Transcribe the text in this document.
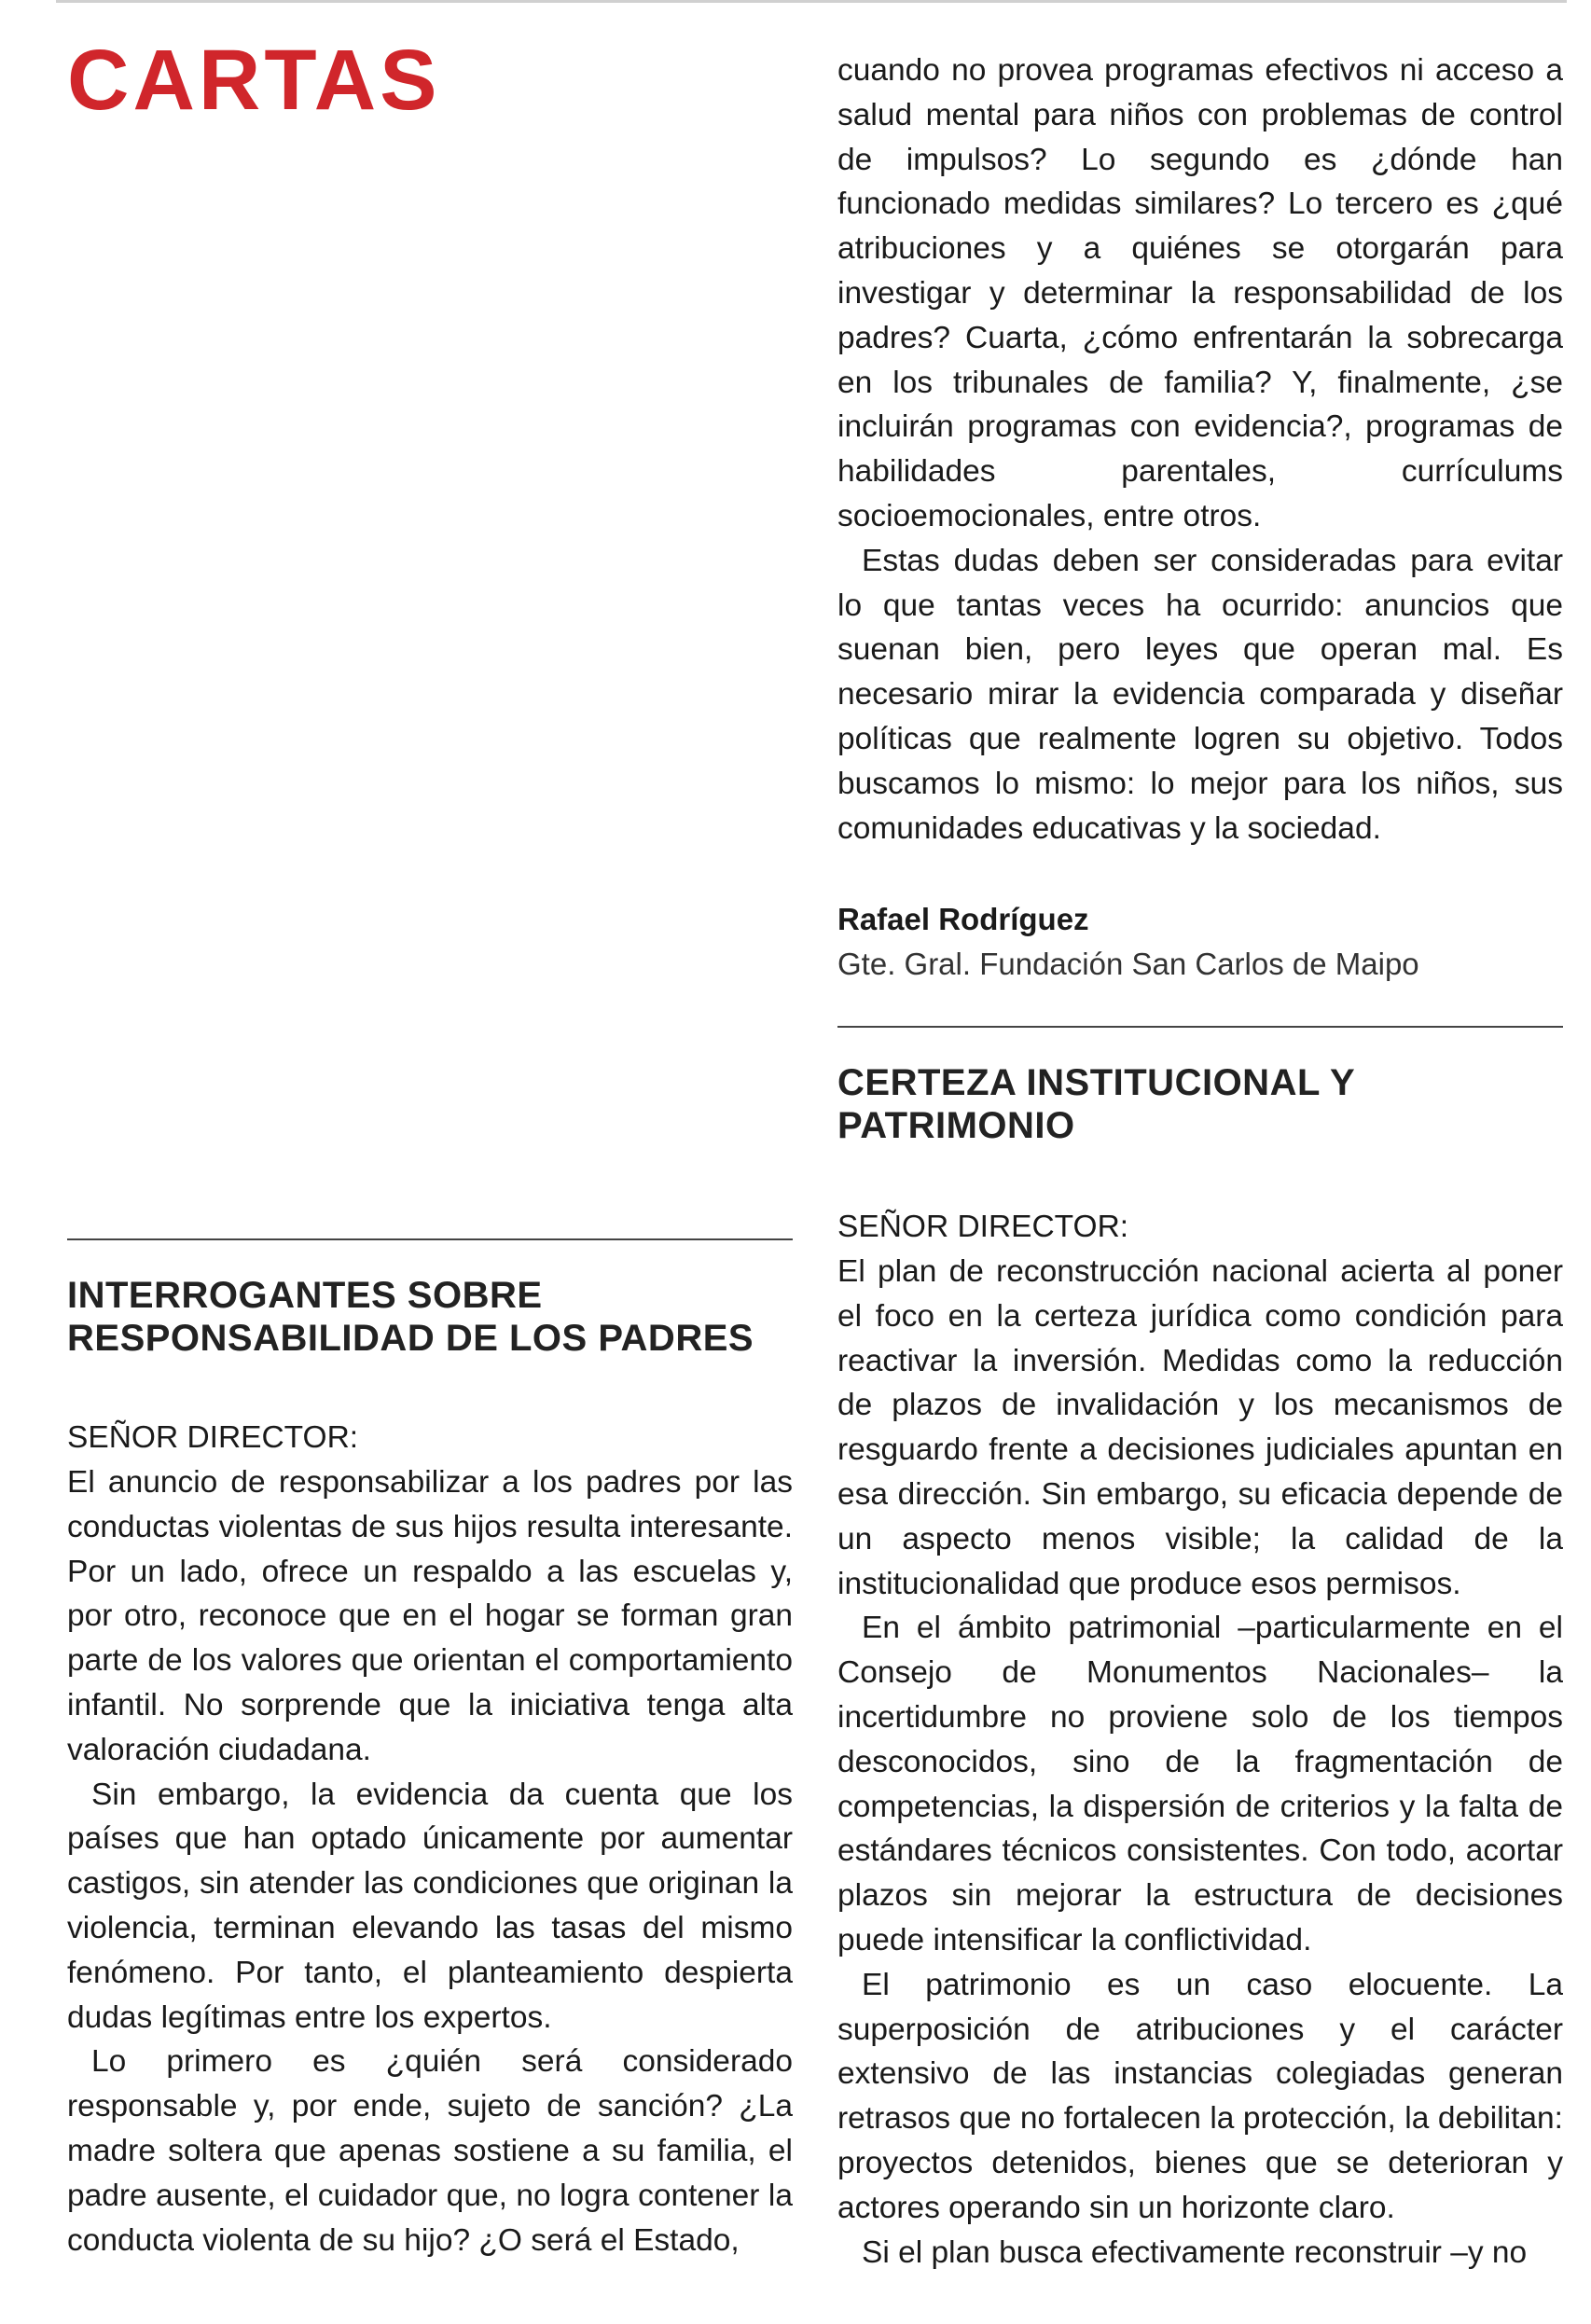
CARTAS	cuando no provea programas efectivos ni acceso a salud mental para niños con problemas de control de impulsos? Lo segundo es ¿dónde han funcionado medidas similares? Lo tercero es ¿qué atribuciones y a quiénes se otorgarán para investigar y determinar la responsabilidad de los padres? Cuarta, ¿cómo enfrentarán la sobrecarga en los tribunales de familia? Y, finalmente, ¿se incluirán programas con evidencia?, programas de habilidades parentales, currículums socioemocionales, entre otros.

Estas dudas deben ser consideradas para evitar lo que tantas veces ha ocurrido: anuncios que suenan bien, pero leyes que operan mal. Es necesario mirar la evidencia comparada y diseñar políticas que realmente logren su objetivo. Todos buscamos lo mismo: lo mejor para los niños, sus comunidades educativas y la sociedad.

Rafael Rodríguez
Gte. Gral. Fundación San Carlos de Maipo
CERTEZA INSTITUCIONAL Y PATRIMONIO
SEÑOR DIRECTOR:

El plan de reconstrucción nacional acierta al poner el foco en la certeza jurídica como condición para reactivar la inversión. Medidas como la reducción de plazos de invalidación y los mecanismos de resguardo frente a decisiones judiciales apuntan en esa dirección. Sin embargo, su eficacia depende de un aspecto menos visible; la calidad de la institucionalidad que produce esos permisos.

En el ámbito patrimonial –particularmente en el Consejo de Monumentos Nacionales– la incertidumbre no proviene solo de los tiempos desconocidos, sino de la fragmentación de competencias, la dispersión de criterios y la falta de estándares técnicos consistentes. Con todo, acortar plazos sin mejorar la estructura de decisiones puede intensificar la conflictividad.

El patrimonio es un caso elocuente. La superposición de atribuciones y el carácter extensivo de las instancias colegiadas generan retrasos que no fortalecen la protección, la debilitan: proyectos detenidos, bienes que se deterioran y actores operando sin un horizonte claro.

Si el plan busca efectivamente reconstruir –y no

INTERROGANTES SOBRE RESPONSABILIDAD DE LOS PADRES
SEÑOR DIRECTOR:

El anuncio de responsabilizar a los padres por las conductas violentas de sus hijos resulta interesante. Por un lado, ofrece un respaldo a las escuelas y, por otro, reconoce que en el hogar se forman gran parte de los valores que orientan el comportamiento infantil. No sorprende que la iniciativa tenga alta valoración ciudadana.

Sin embargo, la evidencia da cuenta que los países que han optado únicamente por aumentar castigos, sin atender las condiciones que originan la violencia, terminan elevando las tasas del mismo fenómeno. Por tanto, el planteamiento despierta dudas legítimas entre los expertos.

Lo primero es ¿quién será considerado responsable y, por ende, sujeto de sanción? ¿La madre soltera que apenas sostiene a su familia, el padre ausente, el cuidador que, no logra contener la conducta violenta de su hijo? ¿O será el Estado,
